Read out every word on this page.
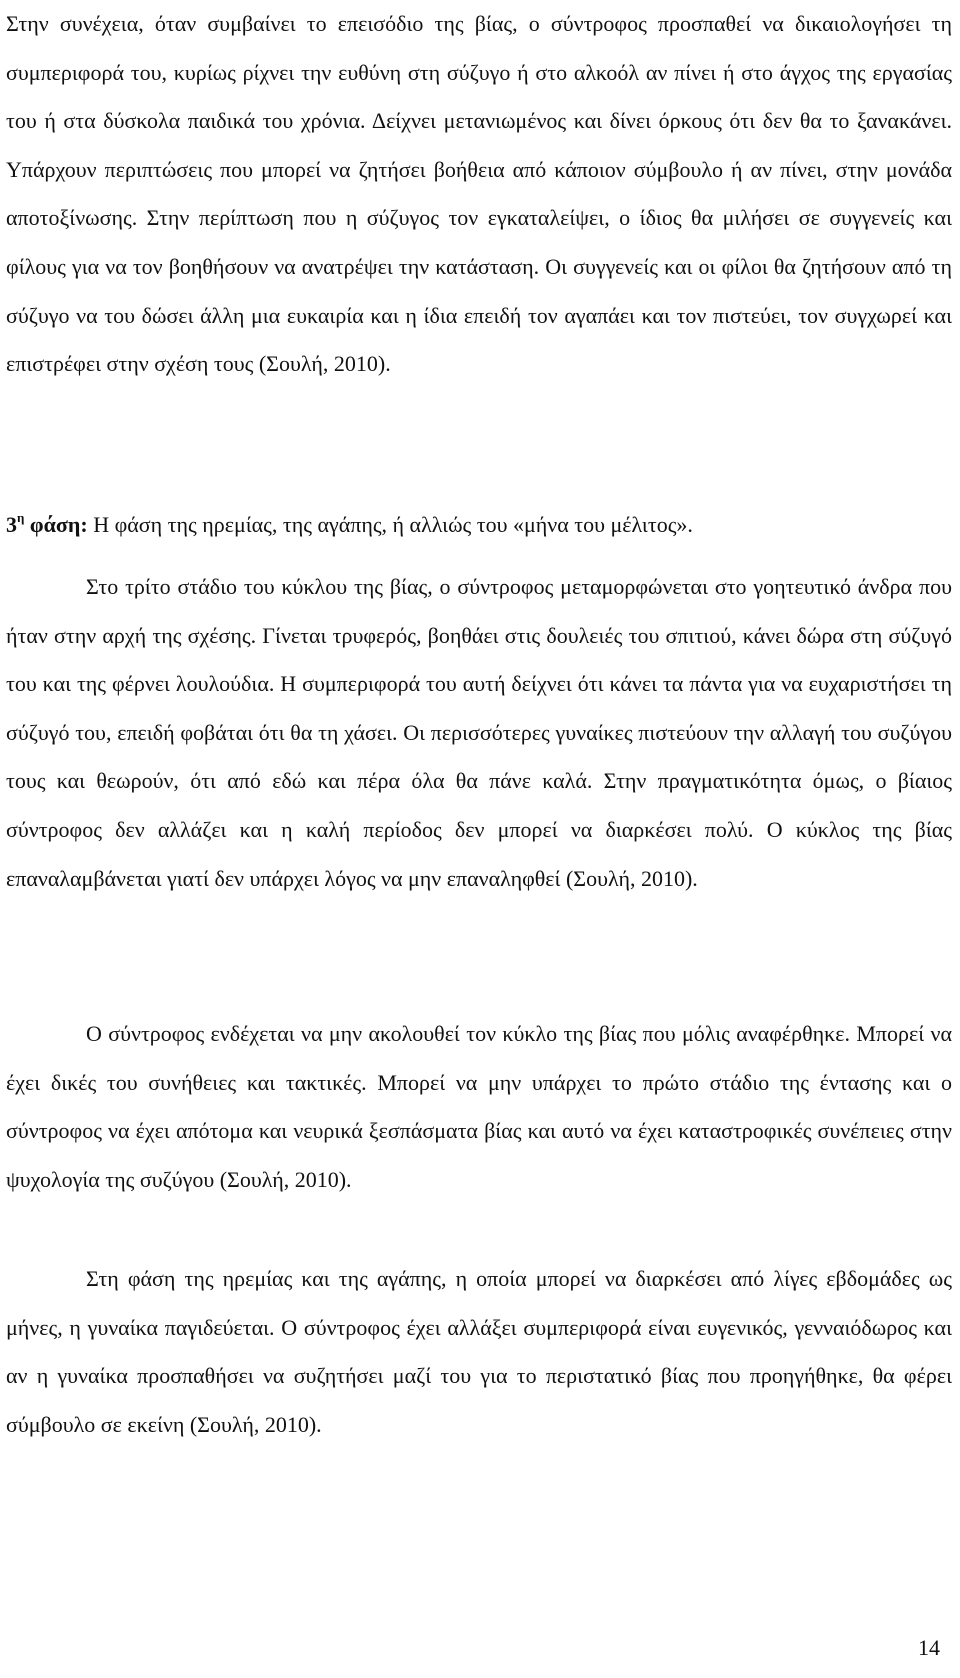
Στην συνέχεια, όταν συμβαίνει το επεισόδιο της βίας, ο σύντροφος προσπαθεί να δικαιολογήσει τη συμπεριφορά του, κυρίως ρίχνει την ευθύνη στη σύζυγο ή στο αλκοόλ αν πίνει ή στο άγχος της εργασίας του ή στα δύσκολα παιδικά του χρόνια. Δείχνει μετανιωμένος και δίνει όρκους ότι δεν θα το ξανακάνει. Υπάρχουν περιπτώσεις που μπορεί να ζητήσει βοήθεια από κάποιον σύμβουλο ή αν πίνει, στην μονάδα αποτοξίνωσης. Στην περίπτωση που η σύζυγος τον εγκαταλείψει, ο ίδιος θα μιλήσει σε συγγενείς και φίλους για να τον βοηθήσουν να ανατρέψει την κατάσταση. Οι συγγενείς και οι φίλοι θα ζητήσουν από τη σύζυγο να του δώσει άλλη μια ευκαιρία και η ίδια επειδή τον αγαπάει και τον πιστεύει, τον συγχωρεί και επιστρέφει στην σχέση τους (Σουλή, 2010).

$3^\eta$ φάση: Η φάση της ηρεμίας, της αγάπης, ή αλλιώς του «μήνα του μέλιτος».

Στο τρίτο στάδιο του κύκλου της βίας, ο σύντροφος μεταμορφώνεται στο γοητευτικό άνδρα που ήταν στην αρχή της σχέσης. Γίνεται τρυφερός, βοηθάει στις δουλειές του σπιτιού, κάνει δώρα στη σύζυγό του και της φέρνει λουλούδια. Η συμπεριφορά του αυτή δείχνει ότι κάνει τα πάντα για να ευχαριστήσει τη σύζυγό του, επειδή φοβάται ότι θα τη χάσει. Οι περισσότερες γυναίκες πιστεύουν την αλλαγή του συζύγου τους και θεωρούν, ότι από εδώ και πέρα όλα θα πάνε καλά. Στην πραγματικότητα όμως, ο βίαιος σύντροφος δεν αλλάζει και η καλή περίοδος δεν μπορεί να διαρκέσει πολύ. Ο κύκλος της βίας επαναλαμβάνεται γιατί δεν υπάρχει λόγος να μην επαναληφθεί (Σουλή, 2010).

Ο σύντροφος ενδέχεται να μην ακολουθεί τον κύκλο της βίας που μόλις αναφέρθηκε. Μπορεί να έχει δικές του συνήθειες και τακτικές. Μπορεί να μην υπάρχει το πρώτο στάδιο της έντασης και ο σύντροφος να έχει απότομα και νευρικά ξεσπάσματα βίας και αυτό να έχει καταστροφικές συνέπειες στην ψυχολογία της συζύγου (Σουλή, 2010).

Στη φάση της ηρεμίας και της αγάπης, η οποία μπορεί να διαρκέσει από λίγες εβδομάδες ως μήνες, η γυναίκα παγιδεύεται. Ο σύντροφος έχει αλλάξει συμπεριφορά είναι ευγενικός, γενναιόδωρος και αν η γυναίκα προσπαθήσει να συζητήσει μαζί του για το περιστατικό βίας που προηγήθηκε, θα φέρει σύμβουλο σε εκείνη (Σουλή, 2010).

14
